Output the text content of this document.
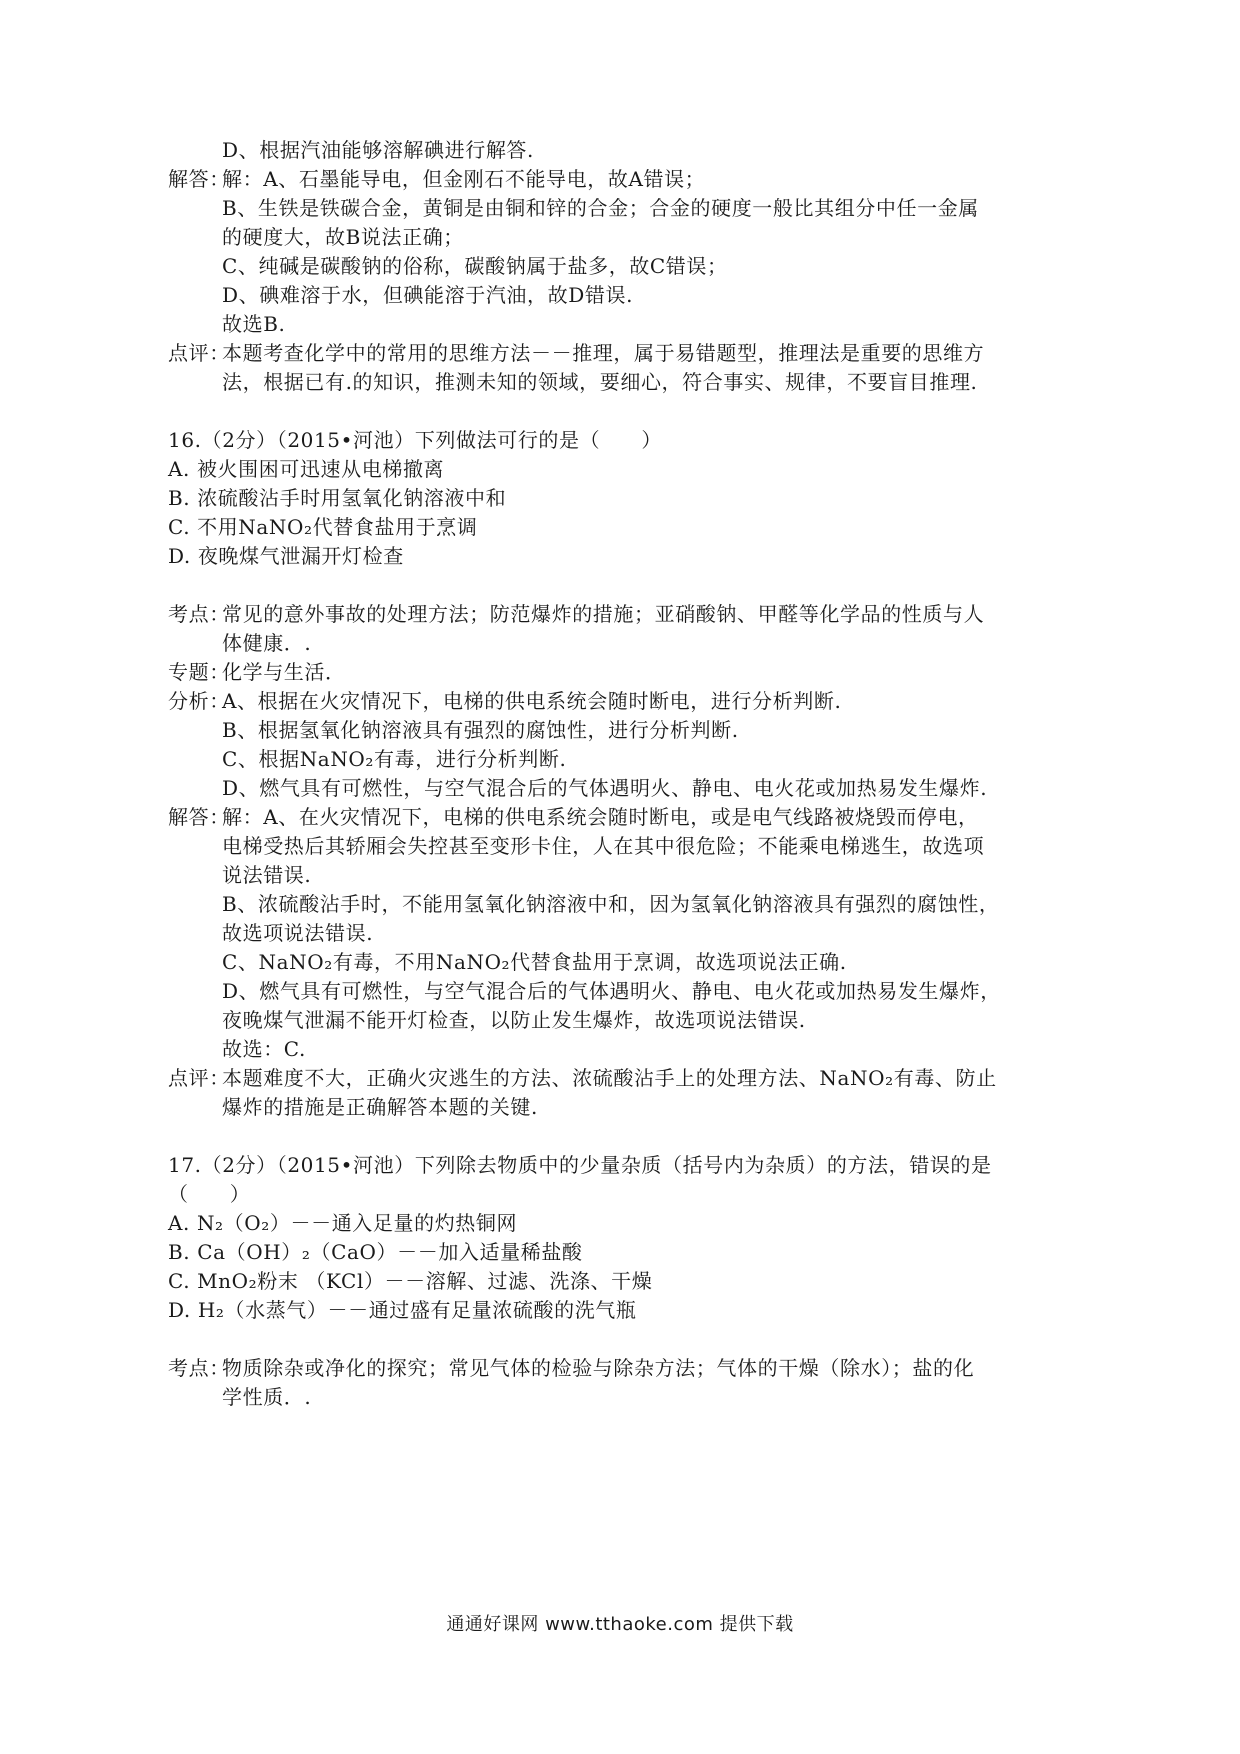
D、根据汽油能够溶解碘进行解答.
解答：
解：A、石墨能导电，但金刚石不能导电，故A错误；
B、生铁是铁碳合金，黄铜是由铜和锌的合金；合金的硬度一般比其组分中任一金属
的硬度大，故B说法正确；
C、纯碱是碳酸钠的俗称，碳酸钠属于盐多，故C错误；
D、碘难溶于水，但碘能溶于汽油，故D错误.
故选B.
点评：
本题考查化学中的常用的思维方法－－推理，属于易错题型，推理法是重要的思维方
法，根据已有.的知识，推测未知的领域，要细心，符合事实、规律，不要盲目推理.
16.（2分）（2015•河池）下列做法可行的是（　　）
A. 被火围困可迅速从电梯撤离
B. 浓硫酸沾手时用氢氧化钠溶液中和
C. 不用NaNO₂代替食盐用于烹调
D. 夜晚煤气泄漏开灯检查
考点：
常见的意外事故的处理方法；防范爆炸的措施；亚硝酸钠、甲醛等化学品的性质与人
体健康．.
专题：
化学与生活．
分析：
A、根据在火灾情况下，电梯的供电系统会随时断电，进行分析判断.
B、根据氢氧化钠溶液具有强烈的腐蚀性，进行分析判断.
C、根据NaNO₂有毒，进行分析判断.
D、燃气具有可燃性，与空气混合后的气体遇明火、静电、电火花或加热易发生爆炸.
解答：
解：A、在火灾情况下，电梯的供电系统会随时断电，或是电气线路被烧毁而停电，
电梯受热后其轿厢会失控甚至变形卡住，人在其中很危险；不能乘电梯逃生，故选项
说法错误.
B、浓硫酸沾手时，不能用氢氧化钠溶液中和，因为氢氧化钠溶液具有强烈的腐蚀性，
故选项说法错误.
C、NaNO₂有毒，不用NaNO₂代替食盐用于烹调，故选项说法正确.
D、燃气具有可燃性，与空气混合后的气体遇明火、静电、电火花或加热易发生爆炸，
夜晚煤气泄漏不能开灯检查，以防止发生爆炸，故选项说法错误.
故选：C.
点评：
本题难度不大，正确火灾逃生的方法、浓硫酸沾手上的处理方法、NaNO₂有毒、防止
爆炸的措施是正确解答本题的关键.
17.（2分）（2015•河池）下列除去物质中的少量杂质（括号内为杂质）的方法，错误的是
（　　）
A. N₂（O₂）－－通入足量的灼热铜网
B. Ca（OH）₂（CaO）－－加入适量稀盐酸
C. MnO₂粉末 （KCl）－－溶解、过滤、洗涤、干燥
D. H₂（水蒸气）－－通过盛有足量浓硫酸的洗气瓶
考点：
物质除杂或净化的探究；常见气体的检验与除杂方法；气体的干燥（除水）；盐的化
学性质．.
通通好课网 www.tthaoke.com 提供下载
